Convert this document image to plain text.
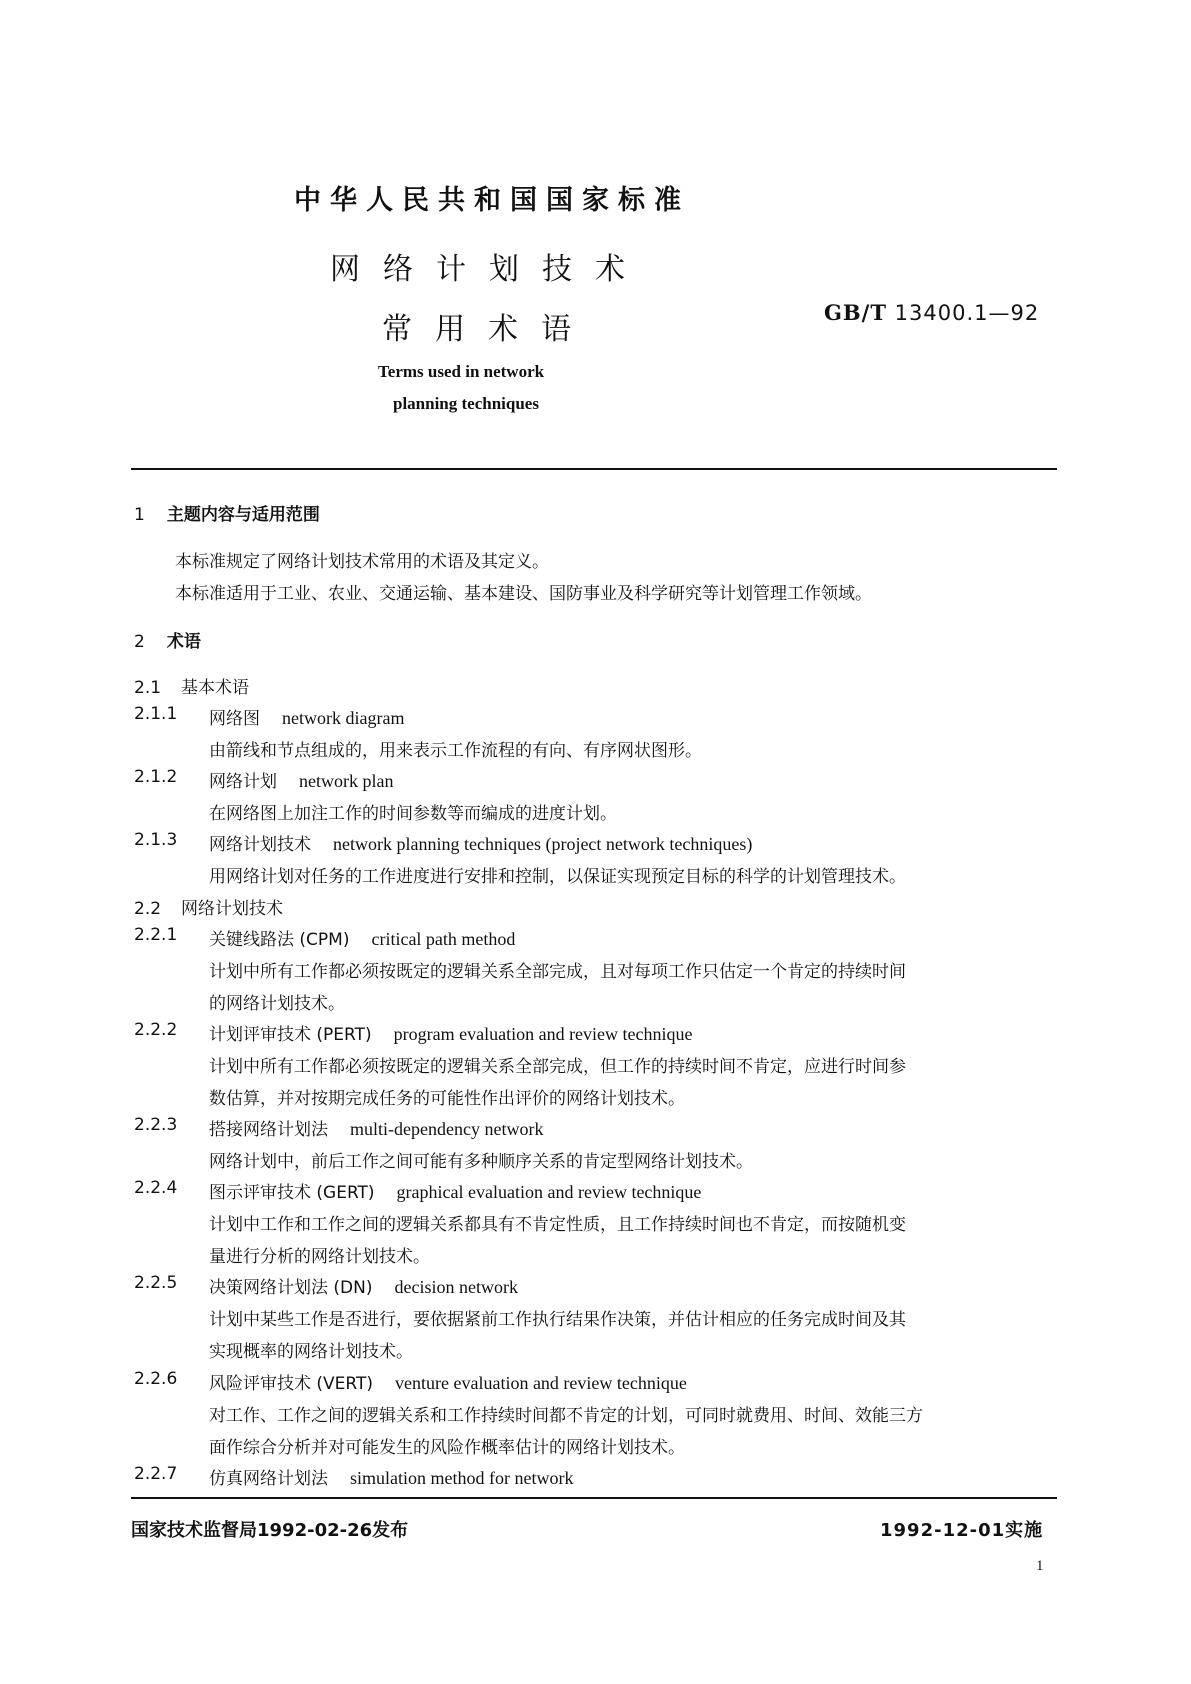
中华人民共和国国家标准
网络计划技术
常用术语	GB/T 13400.1—92
Terms used in network
planning techniques
1 主题内容与适用范围
本标准规定了网络计划技术常用的术语及其定义。
本标准适用于工业、农业、交通运输、基本建设、国防事业及科学研究等计划管理工作领域。
2 术语
2.1 基本术语
2.1.1 网络图 network diagram
由箭线和节点组成的，用来表示工作流程的有向、有序网状图形。
2.1.2 网络计划 network plan
在网络图上加注工作的时间参数等而编成的进度计划。
2.1.3 网络计划技术 network planning techniques (project network techniques)
用网络计划对任务的工作进度进行安排和控制，以保证实现预定目标的科学的计划管理技术。
2.2 网络计划技术
2.2.1 关键线路法 (CPM) critical path method
计划中所有工作都必须按既定的逻辑关系全部完成，且对每项工作只估定一个肯定的持续时间
的网络计划技术。
2.2.2 计划评审技术 (PERT) program evaluation and review technique
计划中所有工作都必须按既定的逻辑关系全部完成，但工作的持续时间不肯定，应进行时间参
数估算，并对按期完成任务的可能性作出评价的网络计划技术。
2.2.3 搭接网络计划法 multi-dependency network
网络计划中，前后工作之间可能有多种顺序关系的肯定型网络计划技术。
2.2.4 图示评审技术 (GERT) graphical evaluation and review technique
计划中工作和工作之间的逻辑关系都具有不肯定性质，且工作持续时间也不肯定，而按随机变
量进行分析的网络计划技术。
2.2.5 决策网络计划法 (DN) decision network
计划中某些工作是否进行，要依据紧前工作执行结果作决策，并估计相应的任务完成时间及其
实现概率的网络计划技术。
2.2.6 风险评审技术 (VERT) venture evaluation and review technique
对工作、工作之间的逻辑关系和工作持续时间都不肯定的计划，可同时就费用、时间、效能三方
面作综合分析并对可能发生的风险作概率估计的网络计划技术。
2.2.7 仿真网络计划法 simulation method for network
国家技术监督局1992-02-26发布	1992-12-01实施
1
